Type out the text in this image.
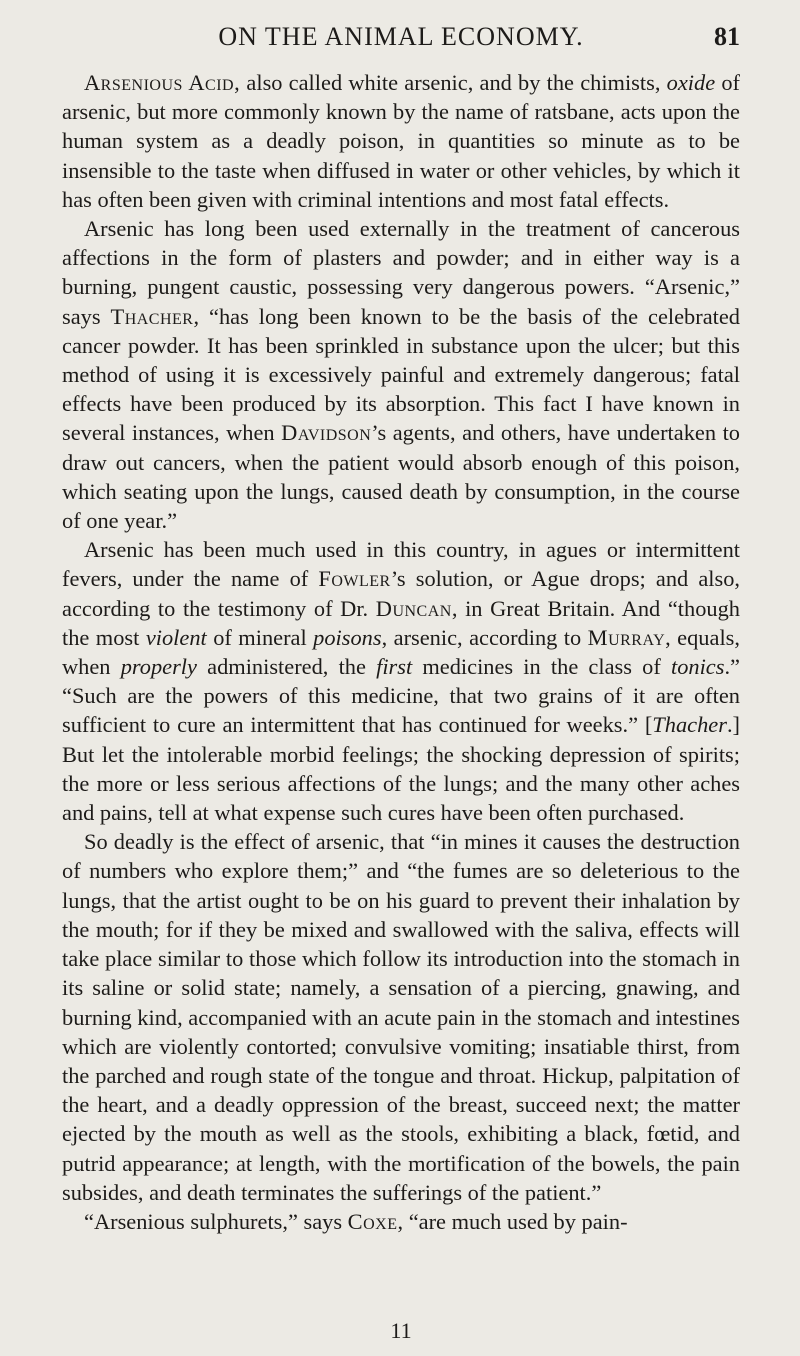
ON THE ANIMAL ECONOMY.	81

Arsenious Acid, also called white arsenic, and by the chimists, oxide of arsenic, but more commonly known by the name of ratsbane, acts upon the human system as a deadly poison, in quantities so minute as to be insensible to the taste when diffused in water or other vehicles, by which it has often been given with criminal intentions and most fatal effects.

Arsenic has long been used externally in the treatment of cancerous affections in the form of plasters and powder; and in either way is a burning, pungent caustic, possessing very dangerous powers. “Arsenic,” says Thacher, “has long been known to be the basis of the celebrated cancer powder. It has been sprinkled in substance upon the ulcer; but this method of using it is excessively painful and extremely dangerous; fatal effects have been produced by its absorption. This fact I have known in several instances, when Davidson’s agents, and others, have undertaken to draw out cancers, when the patient would absorb enough of this poison, which seating upon the lungs, caused death by consumption, in the course of one year.”

Arsenic has been much used in this country, in agues or intermittent fevers, under the name of Fowler’s solution, or Ague drops; and also, according to the testimony of Dr. Duncan, in Great Britain. And “though the most violent of mineral poisons, arsenic, according to Murray, equals, when properly administered, the first medicines in the class of tonics.” “Such are the powers of this medicine, that two grains of it are often sufficient to cure an intermittent that has continued for weeks.” [Thacher.] But let the intolerable morbid feelings; the shocking depression of spirits; the more or less serious affections of the lungs; and the many other aches and pains, tell at what expense such cures have been often purchased.

So deadly is the effect of arsenic, that “in mines it causes the destruction of numbers who explore them;” and “the fumes are so deleterious to the lungs, that the artist ought to be on his guard to prevent their inhalation by the mouth; for if they be mixed and swallowed with the saliva, effects will take place similar to those which follow its introduction into the stomach in its saline or solid state; namely, a sensation of a piercing, gnawing, and burning kind, accompanied with an acute pain in the stomach and intestines which are violently contorted; convulsive vomiting; insatiable thirst, from the parched and rough state of the tongue and throat. Hickup, palpitation of the heart, and a deadly oppression of the breast, succeed next; the matter ejected by the mouth as well as the stools, exhibiting a black, fœtid, and putrid appearance; at length, with the mortification of the bowels, the pain subsides, and death terminates the sufferings of the patient.”

“Arsenious sulphurets,” says Coxe, “are much used by pain-

11
